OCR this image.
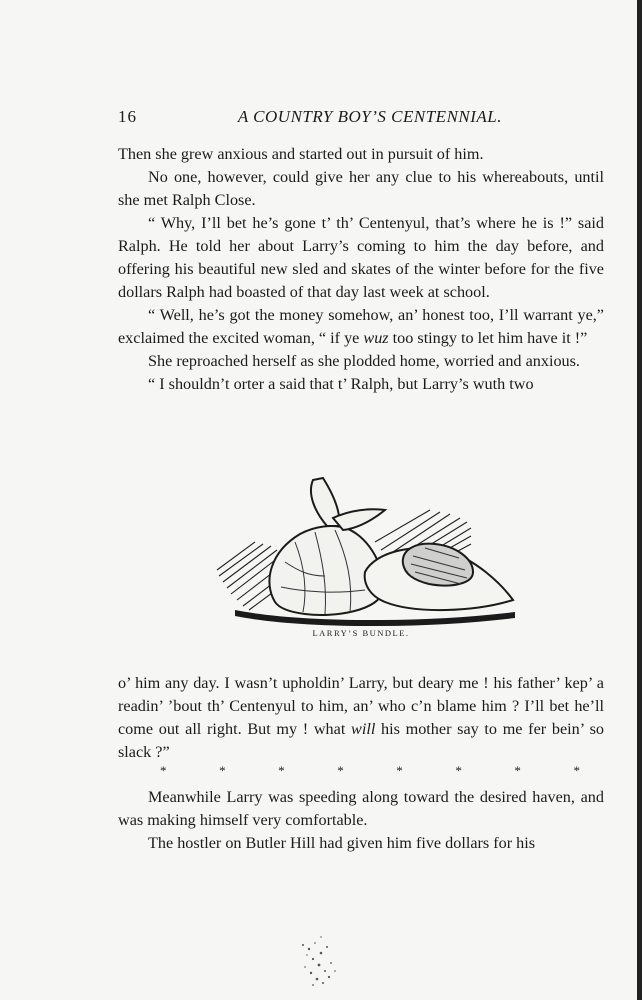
16	A COUNTRY BOY’S CENTENNIAL.

Then she grew anxious and started out in pursuit of him.

No one, however, could give her any clue to his whereabouts, until she met Ralph Close.

“ Why, I’ll bet he’s gone t’ th’ Centenyul, that’s where he is !” said Ralph. He told her about Larry’s coming to him the day before, and offering his beautiful new sled and skates of the winter before for the five dollars Ralph had boasted of that day last week at school.

“ Well, he’s got the money somehow, an’ honest too, I’ll warrant ye,” exclaimed the excited woman, “ if ye wuz too stingy to let him have it !”

She reproached herself as she plodded home, worried and anxious.

“ I shouldn’t orter a said that t’ Ralph, but Larry’s wuth two

LARRY’S BUNDLE.

o’ him any day. I wasn’t upholdin’ Larry, but deary me ! his father’ kep’ a readin’ ’bout th’ Centenyul to him, an’ who c’n blame him ? I’ll bet he’ll come out all right. But my ! what will his mother say to me fer bein’ so slack ?”

*	*	*	*	*	*	*	*

Meanwhile Larry was speeding along toward the desired haven, and was making himself very comfortable.

The hostler on Butler Hill had given him five dollars for his
